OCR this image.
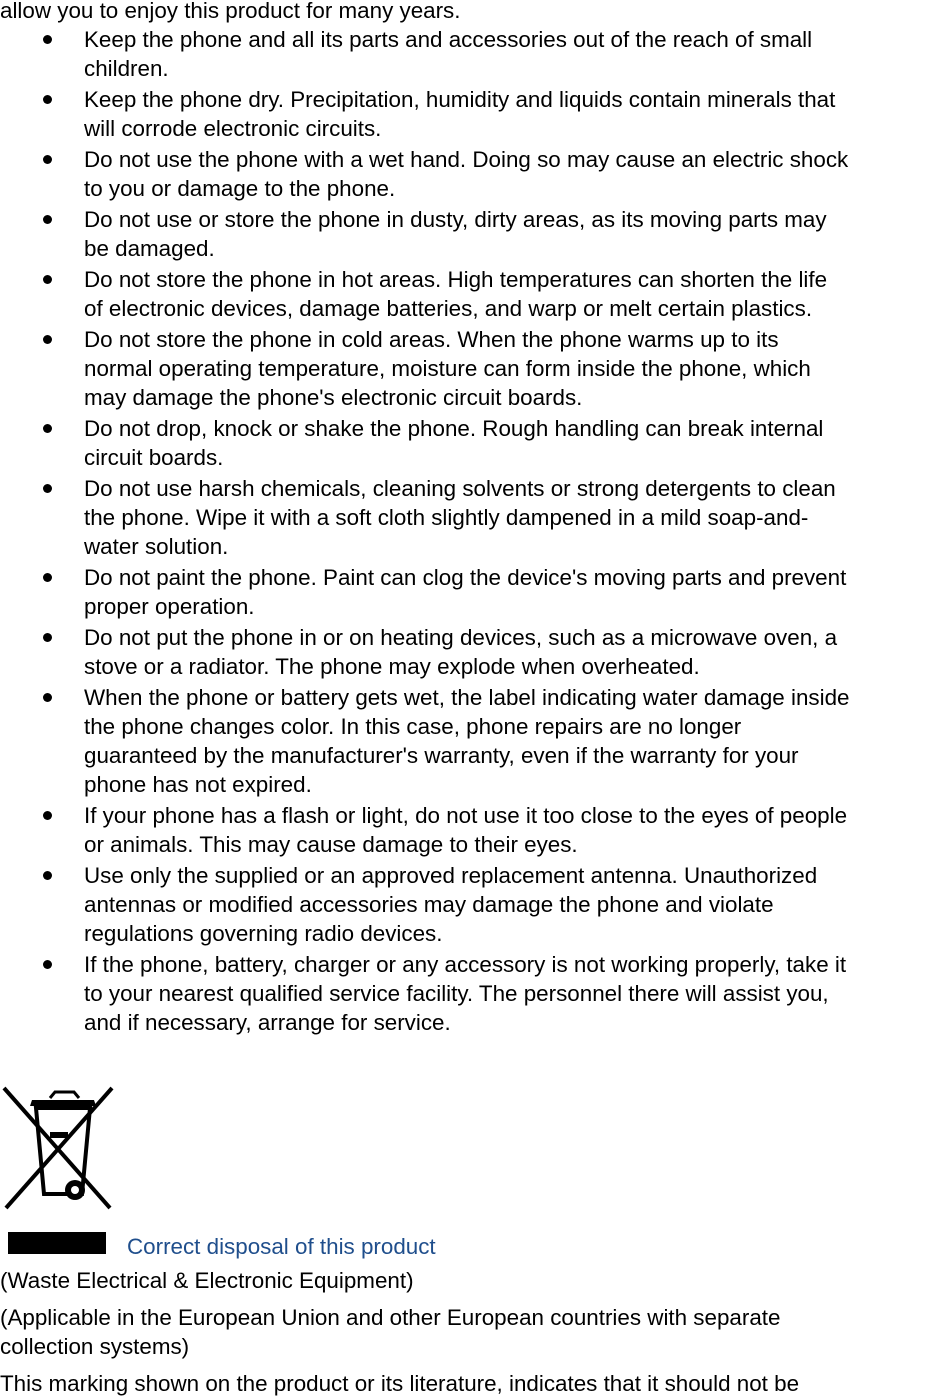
allow you to enjoy this product for many years.
Keep the phone and all its parts and accessories out of the reach of small
children.
Keep the phone dry. Precipitation, humidity and liquids contain minerals that
will corrode electronic circuits.
Do not use the phone with a wet hand. Doing so may cause an electric shock
to you or damage to the phone.
Do not use or store the phone in dusty, dirty areas, as its moving parts may
be damaged.
Do not store the phone in hot areas. High temperatures can shorten the life
of electronic devices, damage batteries, and warp or melt certain plastics.
Do not store the phone in cold areas. When the phone warms up to its
normal operating temperature, moisture can form inside the phone, which
may damage the phone's electronic circuit boards.
Do not drop, knock or shake the phone. Rough handling can break internal
circuit boards.
Do not use harsh chemicals, cleaning solvents or strong detergents to clean
the phone. Wipe it with a soft cloth slightly dampened in a mild soap-and-
water solution.
Do not paint the phone. Paint can clog the device's moving parts and prevent
proper operation.
Do not put the phone in or on heating devices, such as a microwave oven, a
stove or a radiator. The phone may explode when overheated.
When the phone or battery gets wet, the label indicating water damage inside
the phone changes color. In this case, phone repairs are no longer
guaranteed by the manufacturer's warranty, even if the warranty for your
phone has not expired.
If your phone has a flash or light, do not use it too close to the eyes of people
or animals. This may cause damage to their eyes.
Use only the supplied or an approved replacement antenna. Unauthorized
antennas or modified accessories may damage the phone and violate
regulations governing radio devices.
If the phone, battery, charger or any accessory is not working properly, take it
to your nearest qualified service facility. The personnel there will assist you,
and if necessary, arrange for service.
Correct disposal of this product
(Waste Electrical & Electronic Equipment)
(Applicable in the European Union and other European countries with separate
collection systems)
This marking shown on the product or its literature, indicates that it should not be
